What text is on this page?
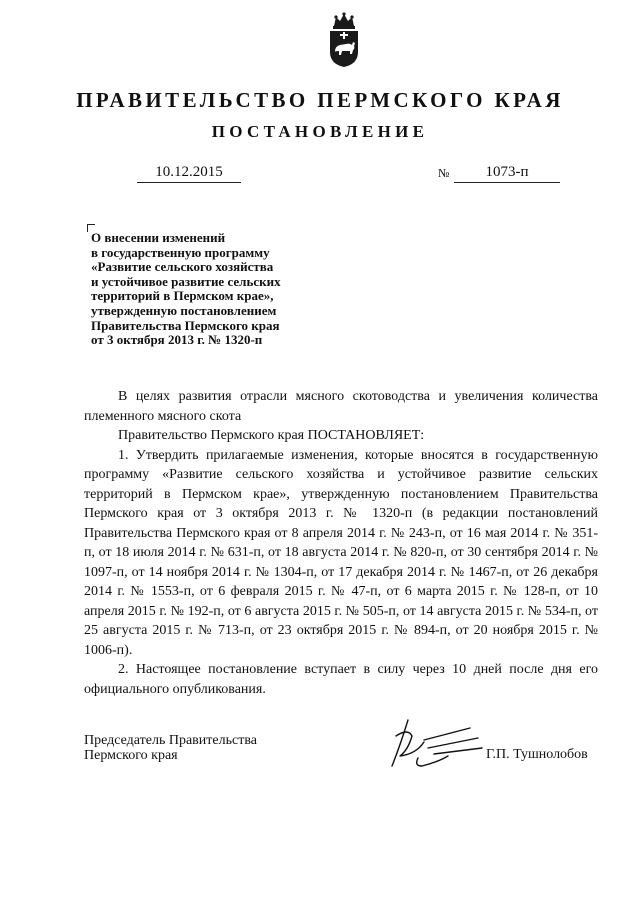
ПРАВИТЕЛЬСТВО ПЕРМСКОГО КРАЯ
ПОСТАНОВЛЕНИЕ
10.12.2015	№	1073-п
О внесении изменений
в государственную программу
«Развитие сельского хозяйства
и устойчивое развитие сельских
территорий в Пермском крае»,
утвержденную постановлением
Правительства Пермского края
от 3 октября 2013 г. № 1320-п

В целях развития отрасли мясного скотоводства и увеличения количества племенного мясного скота

Правительство Пермского края ПОСТАНОВЛЯЕТ:

1. Утвердить прилагаемые изменения, которые вносятся в государственную программу «Развитие сельского хозяйства и устойчивое развитие сельских территорий в Пермском крае», утвержденную постановлением Правительства Пермского края от 3 октября 2013 г. № 1320-п (в редакции постановлений Правительства Пермского края от 8 апреля 2014 г. № 243-п, от 16 мая 2014 г. № 351-п, от 18 июля 2014 г. № 631-п, от 18 августа 2014 г. № 820-п, от 30 сентября 2014 г. № 1097-п, от 14 ноября 2014 г. № 1304-п, от 17 декабря 2014 г. № 1467-п, от 26 декабря 2014 г. № 1553-п, от 6 февраля 2015 г. № 47-п, от 6 марта 2015 г. № 128-п, от 10 апреля 2015 г. № 192-п, от 6 августа 2015 г. № 505-п, от 14 августа 2015 г. № 534-п, от 25 августа 2015 г. № 713-п, от 23 октября 2015 г. № 894-п, от 20 ноября 2015 г. № 1006-п).

2. Настоящее постановление вступает в силу через 10 дней после дня его официального опубликования.

Председатель Правительства
Пермского края	Г.П. Тушнолобов
